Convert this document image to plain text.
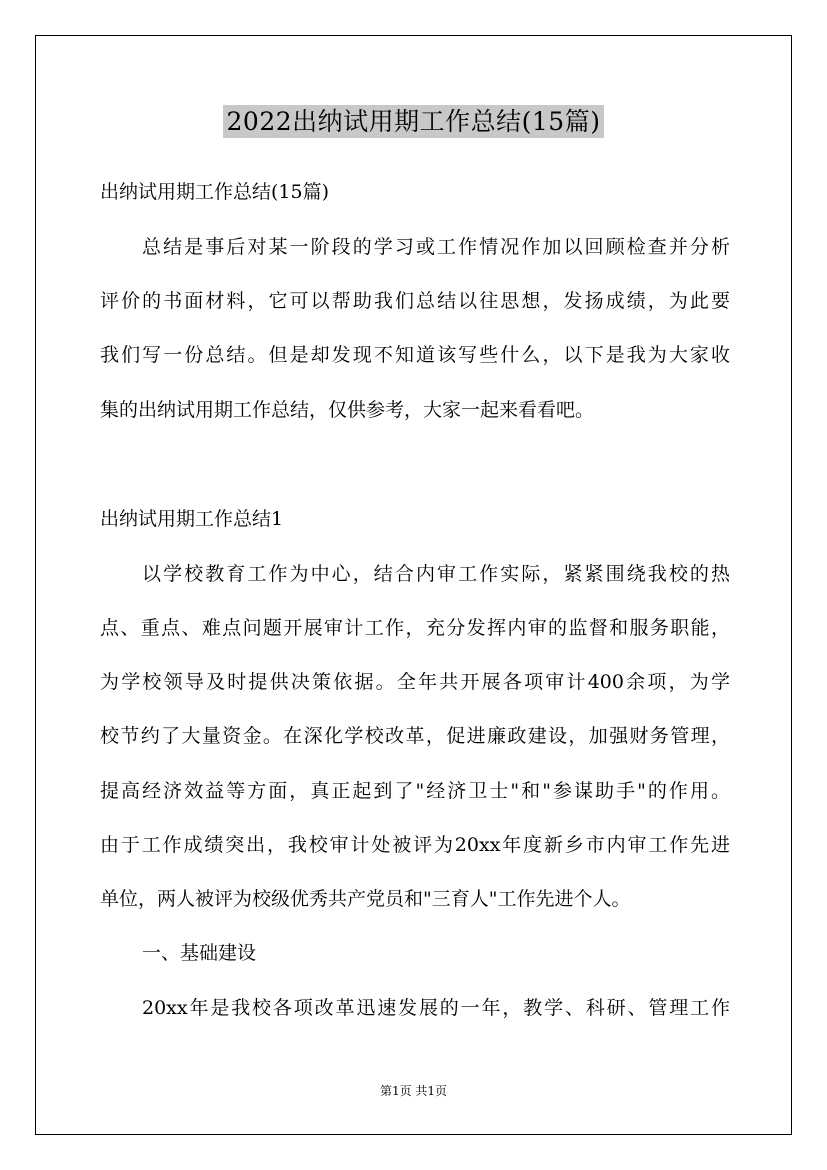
2022出纳试用期工作总结(15篇)
出纳试用期工作总结(15篇)
总结是事后对某一阶段的学习或工作情况作加以回顾检查并分析
评价的书面材料，它可以帮助我们总结以往思想，发扬成绩，为此要
我们写一份总结。但是却发现不知道该写些什么，以下是我为大家收
集的出纳试用期工作总结，仅供参考，大家一起来看看吧。
出纳试用期工作总结1
以学校教育工作为中心，结合内审工作实际，紧紧围绕我校的热
点、重点、难点问题开展审计工作，充分发挥内审的监督和服务职能，
为学校领导及时提供决策依据。全年共开展各项审计400余项，为学
校节约了大量资金。在深化学校改革，促进廉政建设，加强财务管理，
提高经济效益等方面，真正起到了"经济卫士"和"参谋助手"的作用。
由于工作成绩突出，我校审计处被评为20xx年度新乡市内审工作先进
单位，两人被评为校级优秀共产党员和"三育人"工作先进个人。
一、基础建设
20xx年是我校各项改革迅速发展的一年，教学、科研、管理工作
第1页 共1页
